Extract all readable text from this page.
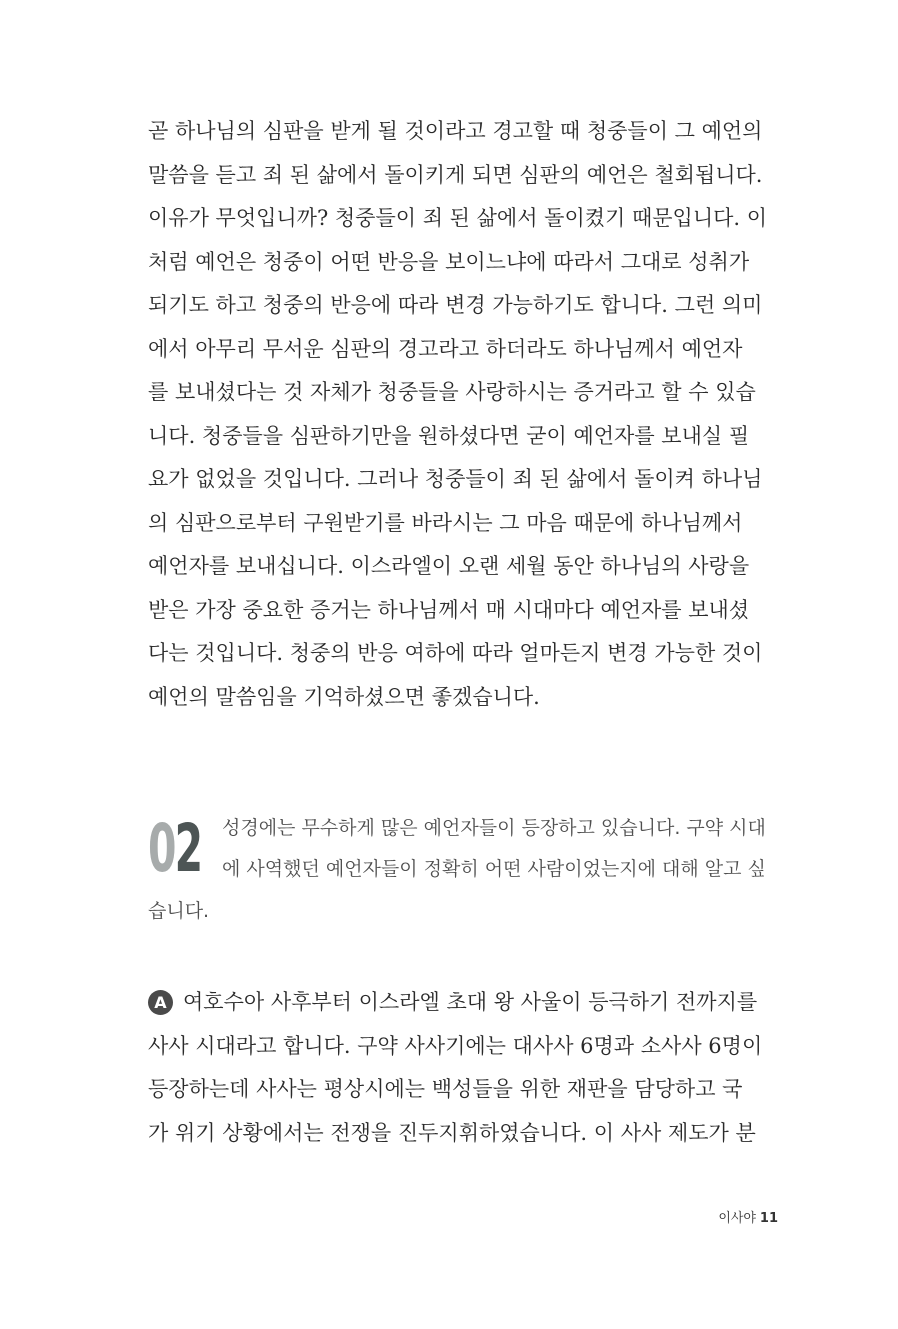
곧 하나님의 심판을 받게 될 것이라고 경고할 때 청중들이 그 예언의
말씀을 듣고 죄 된 삶에서 돌이키게 되면 심판의 예언은 철회됩니다.
이유가 무엇입니까? 청중들이 죄 된 삶에서 돌이켰기 때문입니다. 이
처럼 예언은 청중이 어떤 반응을 보이느냐에 따라서 그대로 성취가
되기도 하고 청중의 반응에 따라 변경 가능하기도 합니다. 그런 의미
에서 아무리 무서운 심판의 경고라고 하더라도 하나님께서 예언자
를 보내셨다는 것 자체가 청중들을 사랑하시는 증거라고 할 수 있습
니다. 청중들을 심판하기만을 원하셨다면 굳이 예언자를 보내실 필
요가 없었을 것입니다. 그러나 청중들이 죄 된 삶에서 돌이켜 하나님
의 심판으로부터 구원받기를 바라시는 그 마음 때문에 하나님께서
예언자를 보내십니다. 이스라엘이 오랜 세월 동안 하나님의 사랑을
받은 가장 중요한 증거는 하나님께서 매 시대마다 예언자를 보내셨
다는 것입니다. 청중의 반응 여하에 따라 얼마든지 변경 가능한 것이
예언의 말씀임을 기억하셨으면 좋겠습니다.
02 성경에는 무수하게 많은 예언자들이 등장하고 있습니다. 구약 시대
에 사역했던 예언자들이 정확히 어떤 사람이었는지에 대해 알고 싶
습니다.
A 여호수아 사후부터 이스라엘 초대 왕 사울이 등극하기 전까지를
사사 시대라고 합니다. 구약 사사기에는 대사사 6명과 소사사 6명이
등장하는데 사사는 평상시에는 백성들을 위한 재판을 담당하고 국
가 위기 상황에서는 전쟁을 진두지휘하였습니다. 이 사사 제도가 분
이사야 11
